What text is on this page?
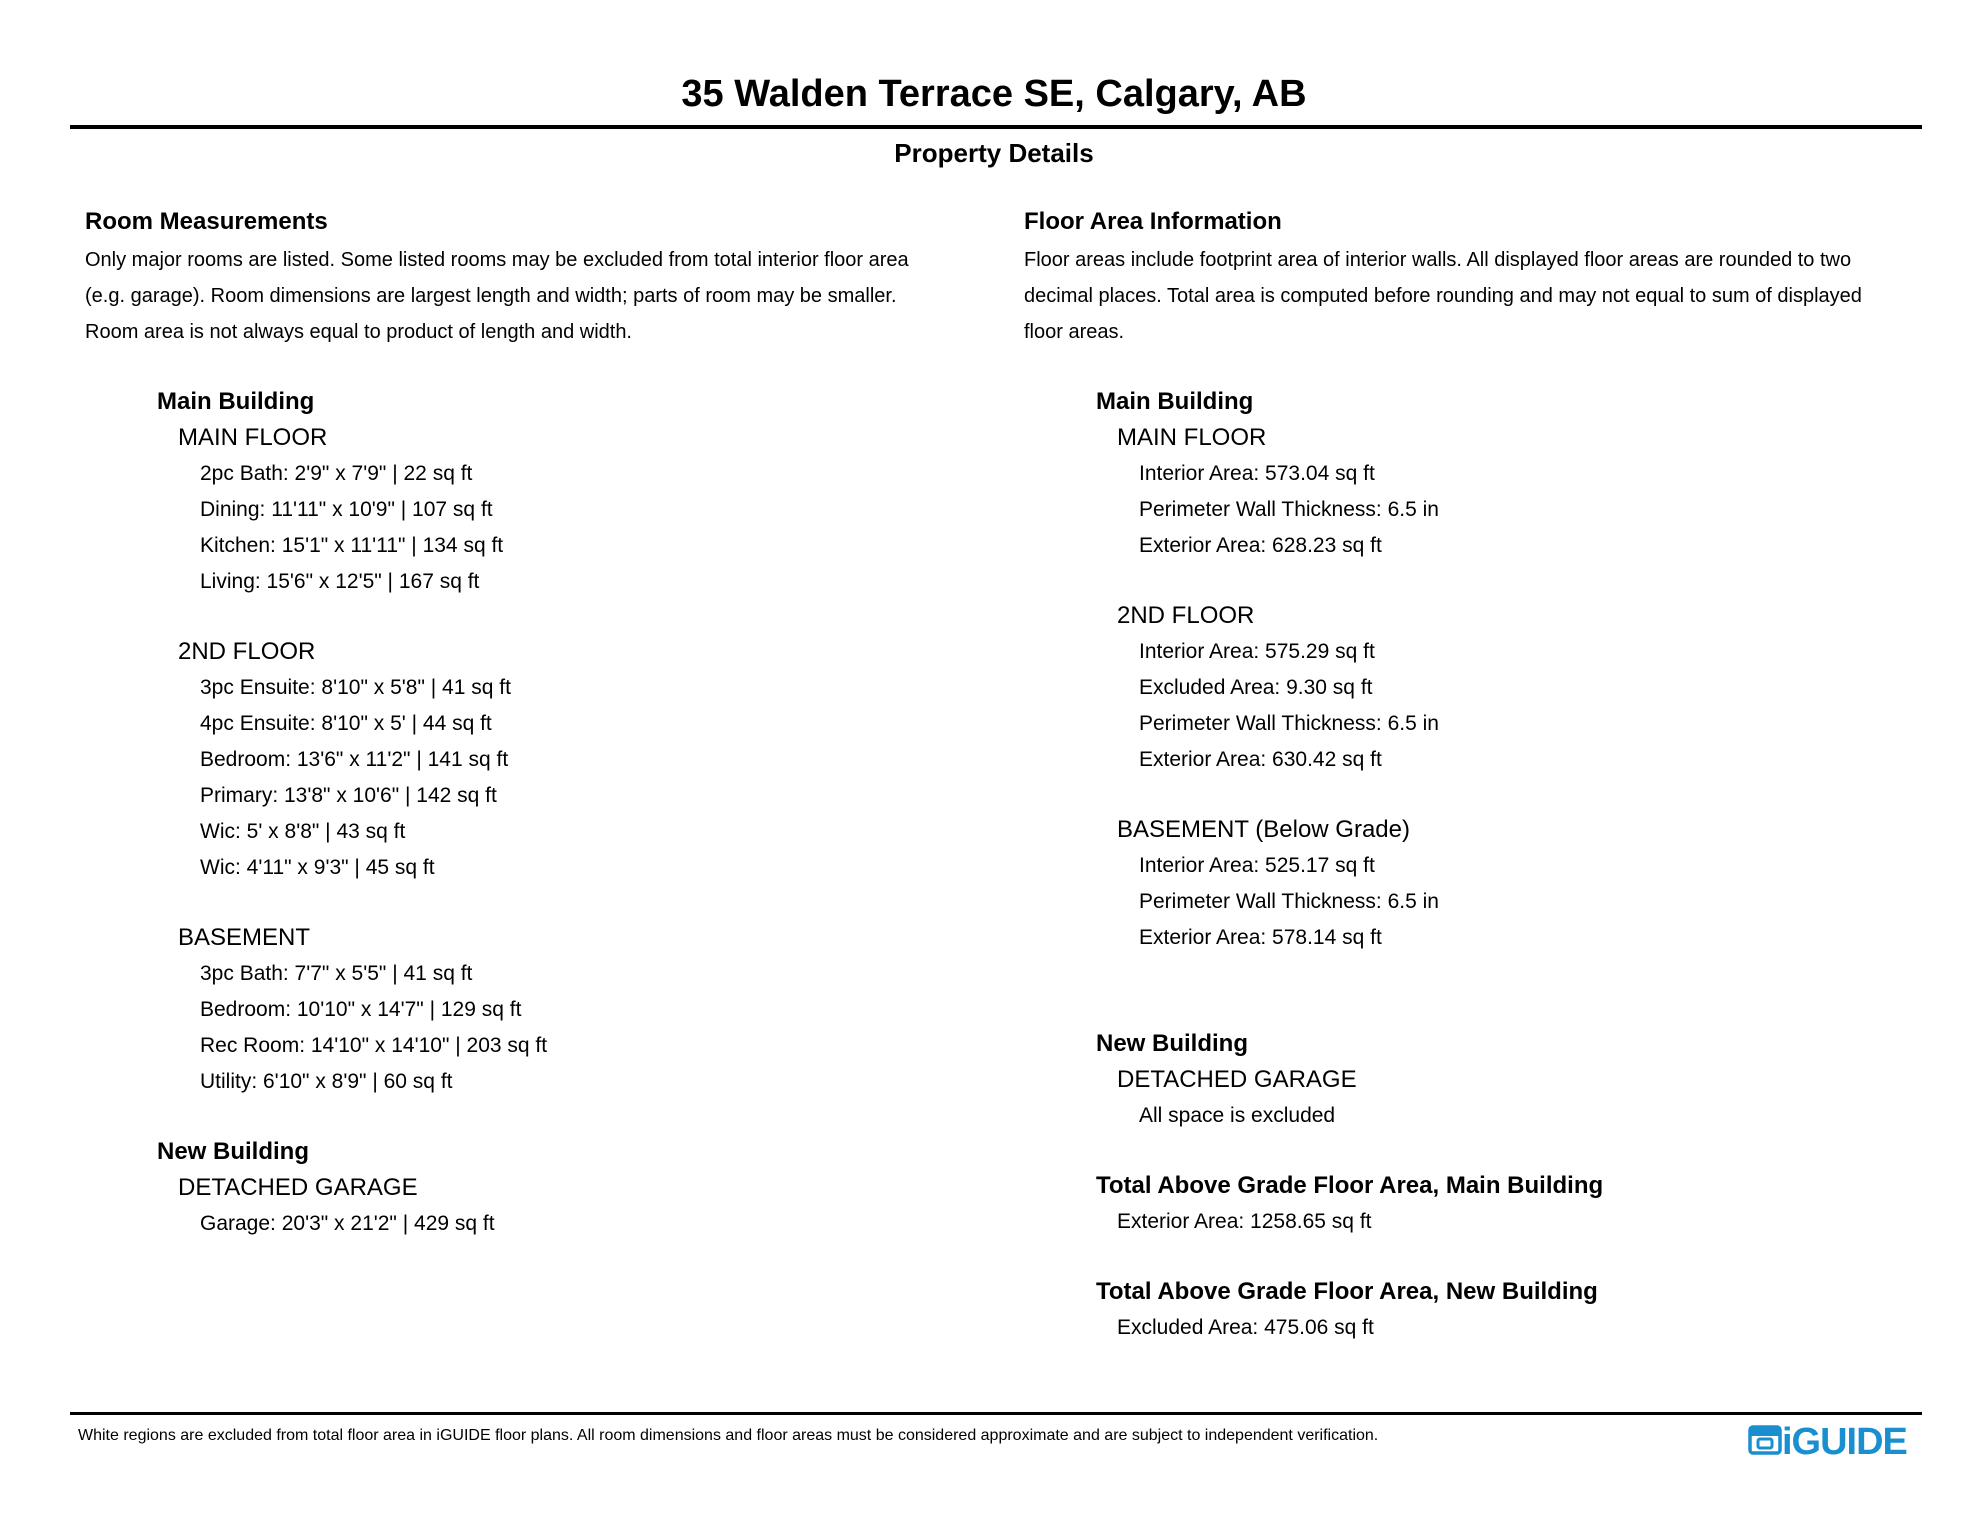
35 Walden Terrace SE, Calgary, AB
Property Details
Room Measurements
Only major rooms are listed. Some listed rooms may be excluded from total interior floor area
(e.g. garage). Room dimensions are largest length and width; parts of room may be smaller.
Room area is not always equal to product of length and width.
Main Building
MAIN FLOOR
2pc Bath: 2'9" x 7'9" | 22 sq ft
Dining: 11'11" x 10'9" | 107 sq ft
Kitchen: 15'1" x 11'11" | 134 sq ft
Living: 15'6" x 12'5" | 167 sq ft
2ND FLOOR
3pc Ensuite: 8'10" x 5'8" | 41 sq ft
4pc Ensuite: 8'10" x 5' | 44 sq ft
Bedroom: 13'6" x 11'2" | 141 sq ft
Primary: 13'8" x 10'6" | 142 sq ft
Wic: 5' x 8'8" | 43 sq ft
Wic: 4'11" x 9'3" | 45 sq ft
BASEMENT
3pc Bath: 7'7" x 5'5" | 41 sq ft
Bedroom: 10'10" x 14'7" | 129 sq ft
Rec Room: 14'10" x 14'10" | 203 sq ft
Utility: 6'10" x 8'9" | 60 sq ft
New Building
DETACHED GARAGE
Garage: 20'3" x 21'2" | 429 sq ft
Floor Area Information
Floor areas include footprint area of interior walls. All displayed floor areas are rounded to two
decimal places. Total area is computed before rounding and may not equal to sum of displayed
floor areas.
Main Building
MAIN FLOOR
Interior Area: 573.04 sq ft
Perimeter Wall Thickness: 6.5 in
Exterior Area: 628.23 sq ft
2ND FLOOR
Interior Area: 575.29 sq ft
Excluded Area: 9.30 sq ft
Perimeter Wall Thickness: 6.5 in
Exterior Area: 630.42 sq ft
BASEMENT (Below Grade)
Interior Area: 525.17 sq ft
Perimeter Wall Thickness: 6.5 in
Exterior Area: 578.14 sq ft
New Building
DETACHED GARAGE
All space is excluded
Total Above Grade Floor Area, Main Building
Exterior Area: 1258.65 sq ft
Total Above Grade Floor Area, New Building
Excluded Area: 475.06 sq ft
White regions are excluded from total floor area in iGUIDE floor plans. All room dimensions and floor areas must be considered approximate and are subject to independent verification.	iGUIDE
